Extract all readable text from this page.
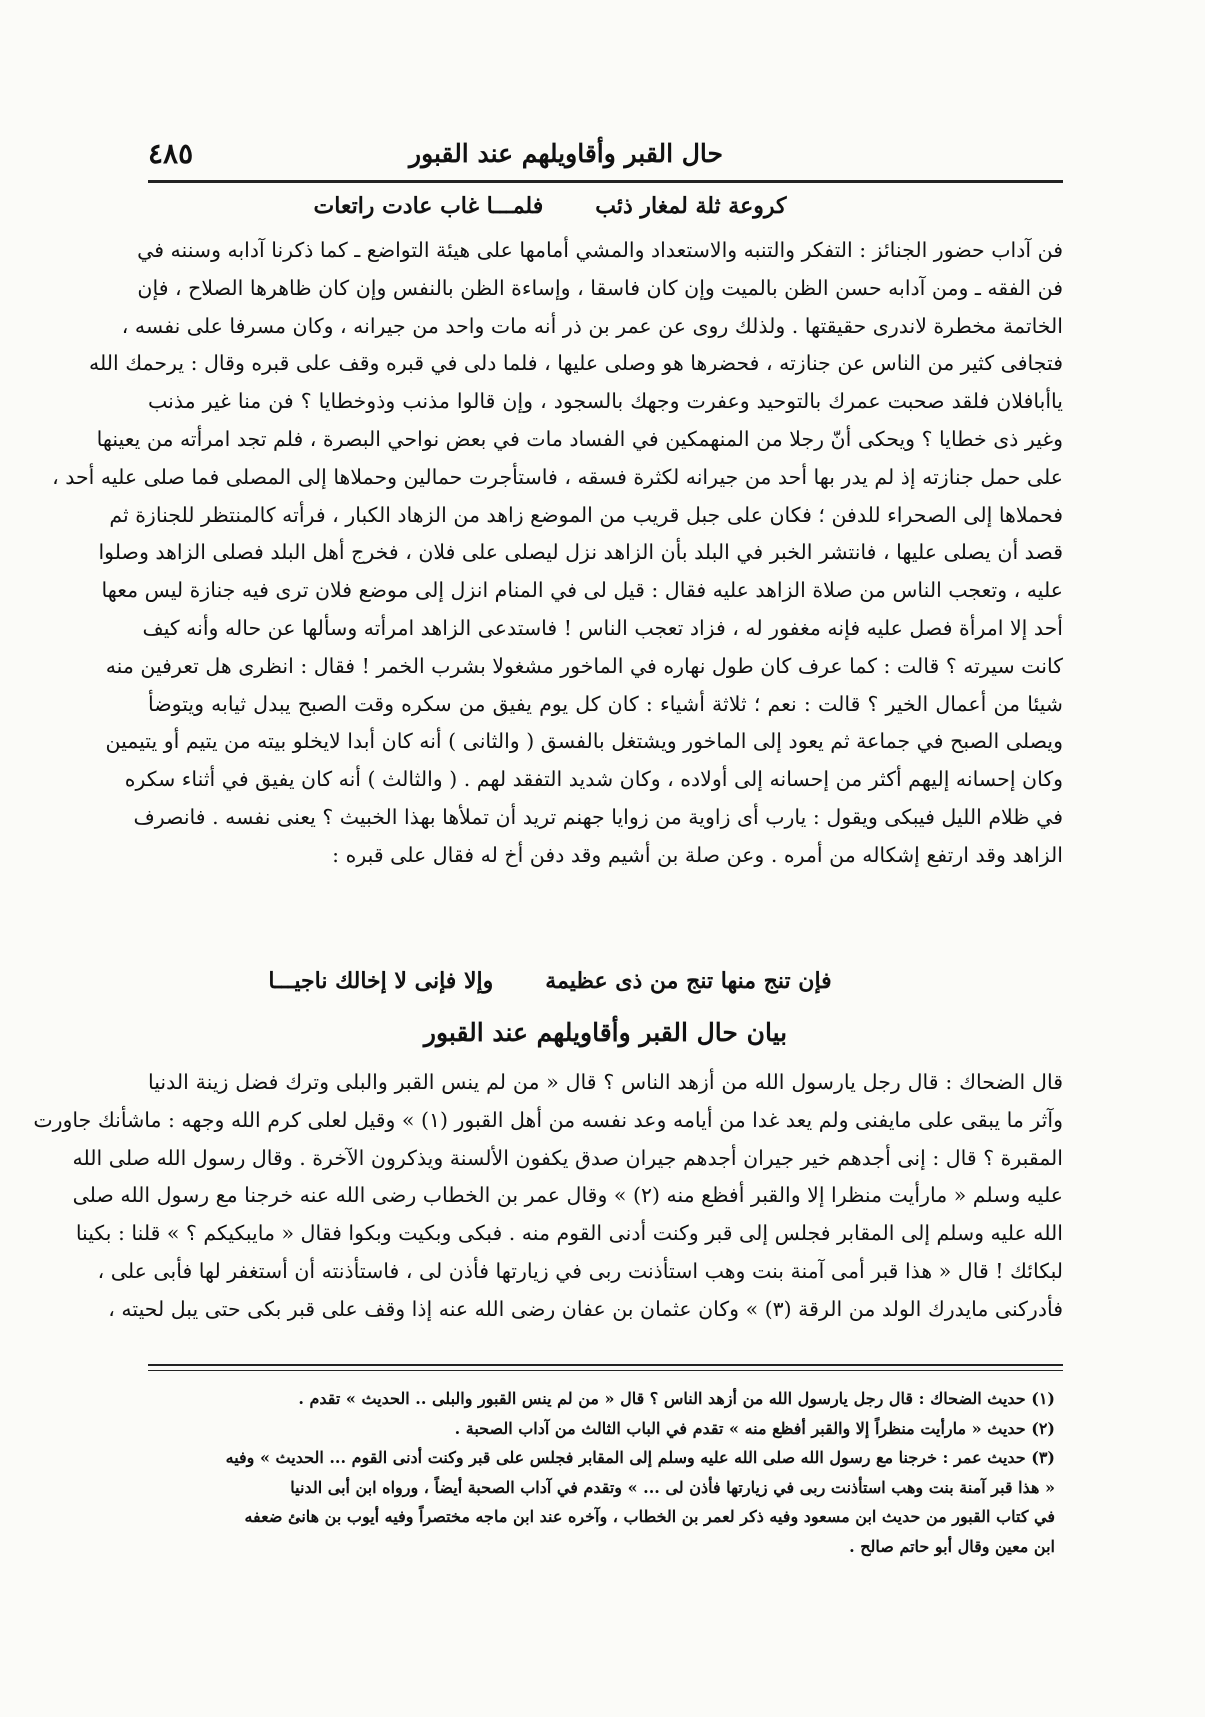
حال القبر وأقاويلهم عند القبور
٤٨٥
كروعة ثلة لمغار ذئب
فلمـــا غاب عادت راتعات
فن آداب حضور الجنائز : التفكر والتنبه والاستعداد والمشي أمامها على هيئة التواضع ـ كما ذكرنا آدابه وسننه في
فن الفقه ـ ومن آدابه حسن الظن بالميت وإن كان فاسقا ، وإساءة الظن بالنفس وإن كان ظاهرها الصلاح ، فإن
الخاتمة مخطرة لاندرى حقيقتها . ولذلك روى عن عمر بن ذر أنه مات واحد من جيرانه ، وكان مسرفا على نفسه ،
فتجافى كثير من الناس عن جنازته ، فحضرها هو وصلى عليها ، فلما دلى في قبره وقف على قبره وقال : يرحمك الله
ياأبافلان فلقد صحبت عمرك بالتوحيد وعفرت وجهك بالسجود ، وإن قالوا مذنب وذوخطايا ؟ فن منا غير مذنب
وغير ذى خطايا ؟ ويحكى أنّ رجلا من المنهمكين في الفساد مات في بعض نواحي البصرة ، فلم تجد امرأته من يعينها
على حمل جنازته إذ لم يدر بها أحد من جيرانه لكثرة فسقه ، فاستأجرت حمالين وحملاها إلى المصلى فما صلى عليه أحد ،
فحملاها إلى الصحراء للدفن ؛ فكان على جبل قريب من الموضع زاهد من الزهاد الكبار ، فرأته كالمنتظر للجنازة ثم
قصد أن يصلى عليها ، فانتشر الخبر في البلد بأن الزاهد نزل ليصلى على فلان ، فخرج أهل البلد فصلى الزاهد وصلوا
عليه ، وتعجب الناس من صلاة الزاهد عليه فقال : قيل لى في المنام انزل إلى موضع فلان ترى فيه جنازة ليس معها
أحد إلا امرأة فصل عليه فإنه مغفور له ، فزاد تعجب الناس ! فاستدعى الزاهد امرأته وسألها عن حاله وأنه كيف
كانت سيرته ؟ قالت : كما عرف كان طول نهاره في الماخور مشغولا بشرب الخمر ! فقال : انظرى هل تعرفين منه
شيئا من أعمال الخير ؟ قالت : نعم ؛ ثلاثة أشياء : كان كل يوم يفيق من سكره وقت الصبح يبدل ثيابه ويتوضأ
ويصلى الصبح في جماعة ثم يعود إلى الماخور ويشتغل بالفسق ( والثانى ) أنه كان أبدا لايخلو بيته من يتيم أو يتيمين
وكان إحسانه إليهم أكثر من إحسانه إلى أولاده ، وكان شديد التفقد لهم . ( والثالث ) أنه كان يفيق في أثناء سكره
في ظلام الليل فيبكى ويقول : يارب أى زاوية من زوايا جهنم تريد أن تملأها بهذا الخبيث ؟ يعنى نفسه . فانصرف
الزاهد وقد ارتفع إشكاله من أمره . وعن صلة بن أشيم وقد دفن أخ له فقال على قبره :
فإن تنج منها تنج من ذى عظيمة
وإلا فإنى لا إخالك ناجيـــا
بيان حال القبر وأقاويلهم عند القبور
قال الضحاك : قال رجل يارسول الله من أزهد الناس ؟ قال « من لم ينس القبر والبلى وترك فضل زينة الدنيا
وآثر ما يبقى على مايفنى ولم يعد غدا من أيامه وعد نفسه من أهل القبور (١) » وقيل لعلى كرم الله وجهه : ماشأنك جاورت
المقبرة ؟ قال : إنى أجدهم خير جيران أجدهم جيران صدق يكفون الألسنة ويذكرون الآخرة . وقال رسول الله صلى الله
عليه وسلم « مارأيت منظرا إلا والقبر أفظع منه (٢) » وقال عمر بن الخطاب رضى الله عنه خرجنا مع رسول الله صلى
الله عليه وسلم إلى المقابر فجلس إلى قبر وكنت أدنى القوم منه . فبكى وبكيت وبكوا فقال « مايبكيكم ؟ » قلنا : بكينا
لبكائك ! قال « هذا قبر أمى آمنة بنت وهب استأذنت ربى في زيارتها فأذن لى ، فاستأذنته أن أستغفر لها فأبى على ،
فأدركنى مايدرك الولد من الرقة (٣) » وكان عثمان بن عفان رضى الله عنه إذا وقف على قبر بكى حتى يبل لحيته ،
(١) حديث الضحاك : قال رجل يارسول الله من أزهد الناس ؟ قال « من لم ينس القبور والبلى .. الحديث » تقدم .
(٢) حديث « مارأيت منظراً إلا والقبر أفظع منه » تقدم في الباب الثالث من آداب الصحبة .
(٣) حديث عمر : خرجنا مع رسول الله صلى الله عليه وسلم إلى المقابر فجلس على قبر وكنت أدنى القوم ... الحديث » وفيه
« هذا قبر آمنة بنت وهب استأذنت ربى في زيارتها فأذن لى ... » وتقدم في آداب الصحبة أيضاً ، ورواه ابن أبى الدنيا
في كتاب القبور من حديث ابن مسعود وفيه ذكر لعمر بن الخطاب ، وآخره عند ابن ماجه مختصراً وفيه أيوب بن هانئ ضعفه
ابن معين وقال أبو حاتم صالح .
